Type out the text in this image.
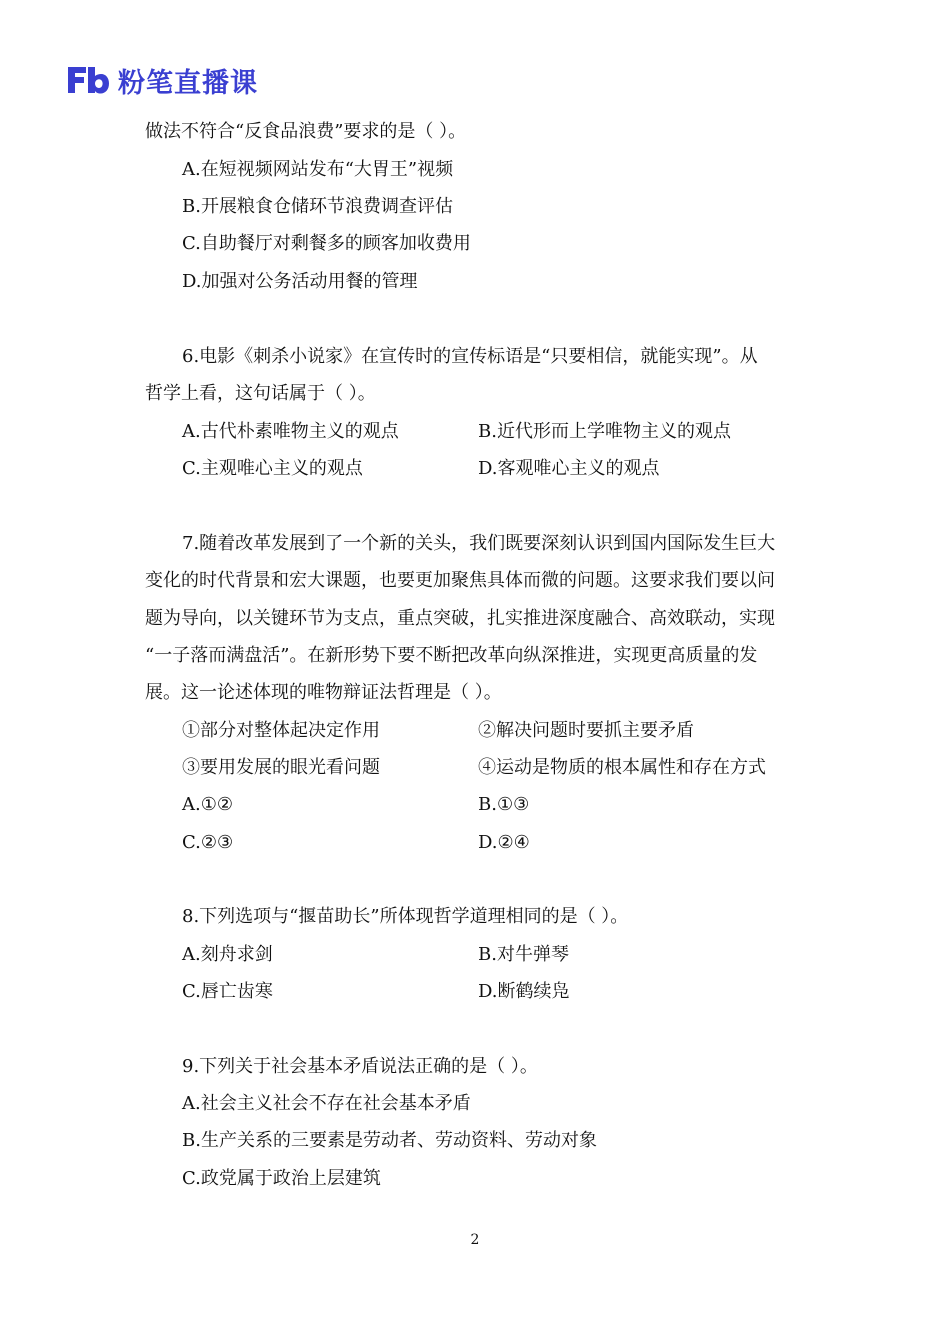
粉笔直播课
做法不符合“反食品浪费”要求的是（ ）。
A.在短视频网站发布“大胃王”视频
B.开展粮食仓储环节浪费调查评估
C.自助餐厅对剩餐多的顾客加收费用
D.加强对公务活动用餐的管理
6.电影《刺杀小说家》在宣传时的宣传标语是“只要相信，就能实现”。从
哲学上看，这句话属于（ ）。
A.古代朴素唯物主义的观点	B.近代形而上学唯物主义的观点
C.主观唯心主义的观点	D.客观唯心主义的观点
7.随着改革发展到了一个新的关头，我们既要深刻认识到国内国际发生巨大
变化的时代背景和宏大课题，也要更加聚焦具体而微的问题。这要求我们要以问
题为导向，以关键环节为支点，重点突破，扎实推进深度融合、高效联动，实现
“一子落而满盘活”。在新形势下要不断把改革向纵深推进，实现更高质量的发
展。这一论述体现的唯物辩证法哲理是（ ）。
①部分对整体起决定作用	②解决问题时要抓主要矛盾
③要用发展的眼光看问题	④运动是物质的根本属性和存在方式
A.①②	B.①③
C.②③	D.②④
8.下列选项与“揠苗助长”所体现哲学道理相同的是（ ）。
A.刻舟求剑	B.对牛弹琴
C.唇亡齿寒	D.断鹤续凫
9.下列关于社会基本矛盾说法正确的是（ ）。
A.社会主义社会不存在社会基本矛盾
B.生产关系的三要素是劳动者、劳动资料、劳动对象
C.政党属于政治上层建筑
2
